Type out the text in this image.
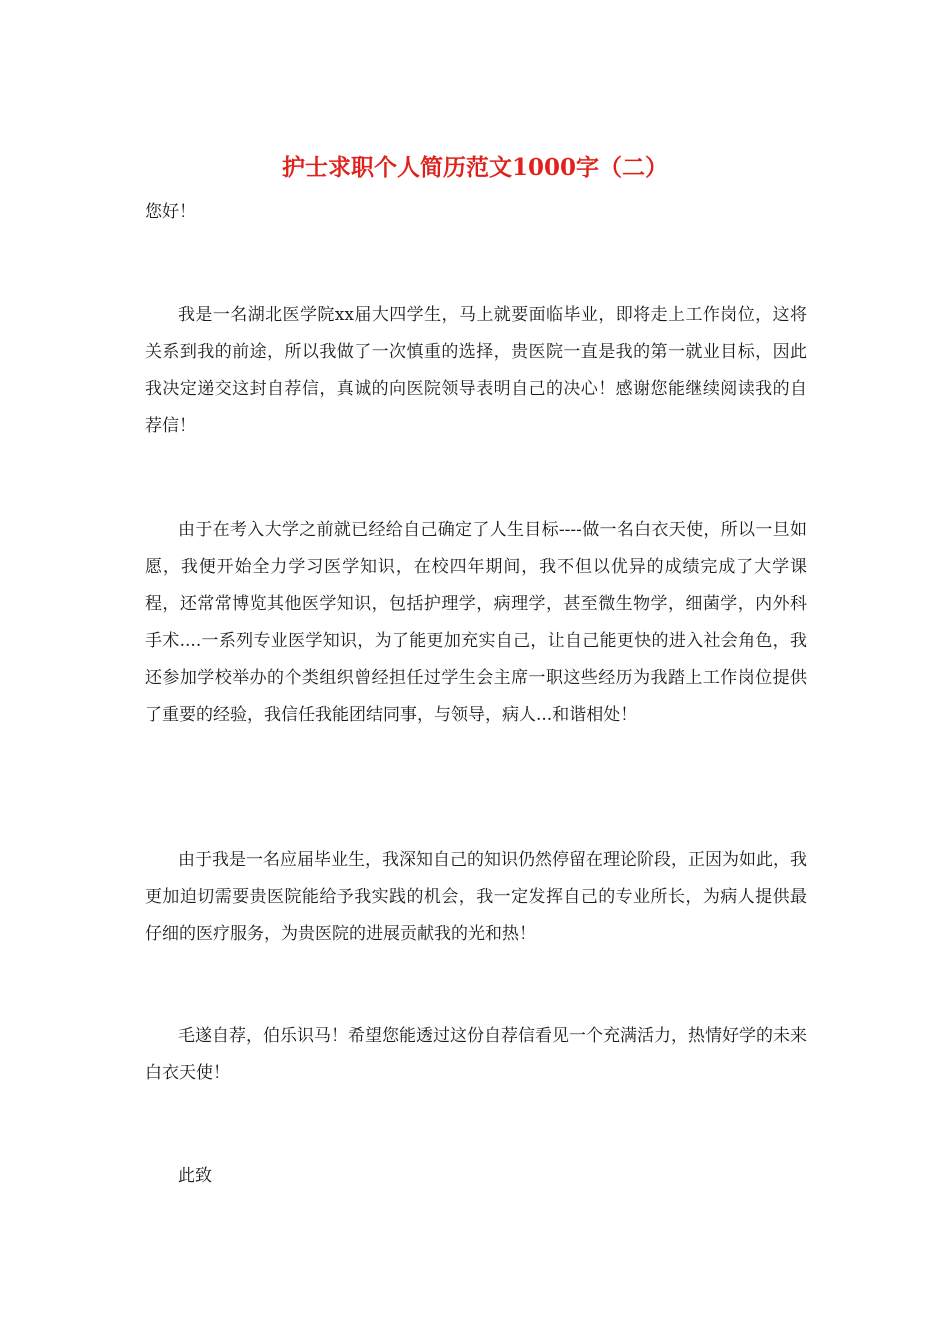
护士求职个人简历范文1000字（二）

您好！

我是一名湖北医学院xx届大四学生，马上就要面临毕业，即将走上工作岗位，这将关系到我的前途，所以我做了一次慎重的选择，贵医院一直是我的第一就业目标，因此我决定递交这封自荐信，真诚的向医院领导表明自己的决心！感谢您能继续阅读我的自荐信！

由于在考入大学之前就已经给自己确定了人生目标----做一名白衣天使，所以一旦如愿，我便开始全力学习医学知识，在校四年期间，我不但以优异的成绩完成了大学课程，还常常博览其他医学知识，包括护理学，病理学，甚至微生物学，细菌学，内外科手术....一系列专业医学知识，为了能更加充实自己，让自己能更快的进入社会角色，我还参加学校举办的个类组织曾经担任过学生会主席一职这些经历为我踏上工作岗位提供了重要的经验，我信任我能团结同事，与领导，病人...和谐相处！

由于我是一名应届毕业生，我深知自己的知识仍然停留在理论阶段，正因为如此，我更加迫切需要贵医院能给予我实践的机会，我一定发挥自己的专业所长，为病人提供最仔细的医疗服务，为贵医院的进展贡献我的光和热！

毛遂自荐，伯乐识马！希望您能透过这份自荐信看见一个充满活力，热情好学的未来白衣天使！

此致
